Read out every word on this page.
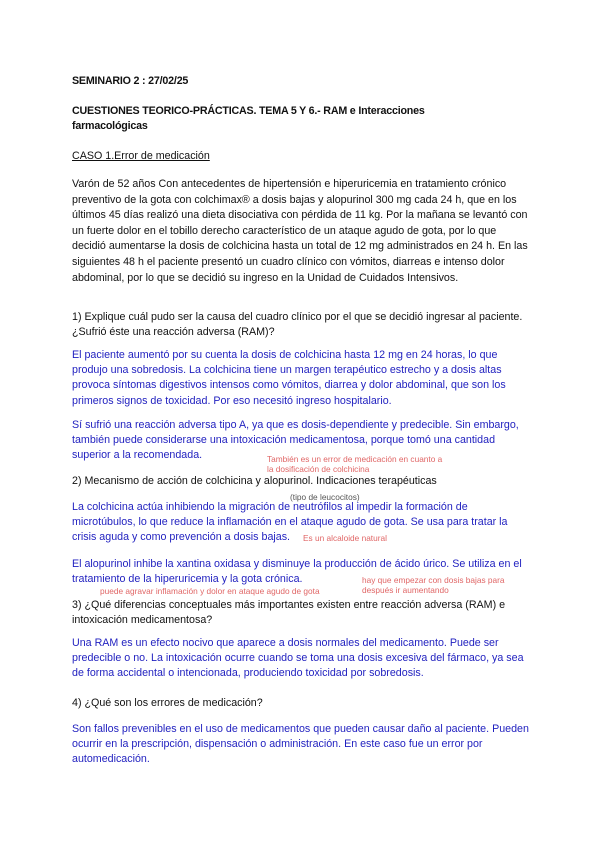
SEMINARIO 2 : 27/02/25
CUESTIONES TEORICO-PRÁCTICAS. TEMA 5 Y 6.- RAM e Interacciones
farmacológicas
CASO 1.Error de medicación
Varón de 52 años Con antecedentes de hipertensión e hiperuricemia en tratamiento crónico preventivo de la gota con colchimax® a dosis bajas y alopurinol 300 mg cada 24 h, que en los últimos 45 días realizó una dieta disociativa con pérdida de 11 kg. Por la mañana se levantó con un fuerte dolor en el tobillo derecho característico de un ataque agudo de gota, por lo que decidió aumentarse la dosis de colchicina hasta un total de 12 mg administrados en 24 h. En las siguientes 48 h el paciente presentó un cuadro clínico con vómitos, diarreas e intenso dolor abdominal, por lo que se decidió su ingreso en la Unidad de Cuidados Intensivos.
1) Explique cuál pudo ser la causa del cuadro clínico por el que se decidió ingresar al paciente. ¿Sufrió éste una reacción adversa (RAM)?
El paciente aumentó por su cuenta la dosis de colchicina hasta 12 mg en 24 horas, lo que produjo una sobredosis. La colchicina tiene un margen terapéutico estrecho y a dosis altas provoca síntomas digestivos intensos como vómitos, diarrea y dolor abdominal, que son los primeros signos de toxicidad. Por eso necesitó ingreso hospitalario.
Sí sufrió una reacción adversa tipo A, ya que es dosis-dependiente y predecible. Sin embargo, también puede considerarse una intoxicación medicamentosa, porque tomó una cantidad superior a la recomendada.	También es un error de medicación en cuanto a
la dosificación de colchicina
2) Mecanismo de acción de colchicina y alopurinol. Indicaciones terapéuticas
(tipo de leucocitos)
La colchicina actúa inhibiendo la migración de neutrófilos al impedir la formación de microtúbulos, lo que reduce la inflamación en el ataque agudo de gota. Se usa para tratar la crisis aguda y como prevención a dosis bajas.	Es un alcaloide natural
El alopurinol inhibe la xantina oxidasa y disminuye la producción de ácido úrico. Se utiliza en el tratamiento de la hiperuricemia y la gota crónica.	hay que empezar con dosis bajas para
después ir aumentando
puede agravar inflamación y dolor en ataque agudo de gota
3) ¿Qué diferencias conceptuales más importantes existen entre reacción adversa (RAM) e intoxicación medicamentosa?
Una RAM es un efecto nocivo que aparece a dosis normales del medicamento. Puede ser predecible o no. La intoxicación ocurre cuando se toma una dosis excesiva del fármaco, ya sea de forma accidental o intencionada, produciendo toxicidad por sobredosis.
4) ¿Qué son los errores de medicación?
Son fallos prevenibles en el uso de medicamentos que pueden causar daño al paciente. Pueden ocurrir en la prescripción, dispensación o administración. En este caso fue un error por automedicación.
